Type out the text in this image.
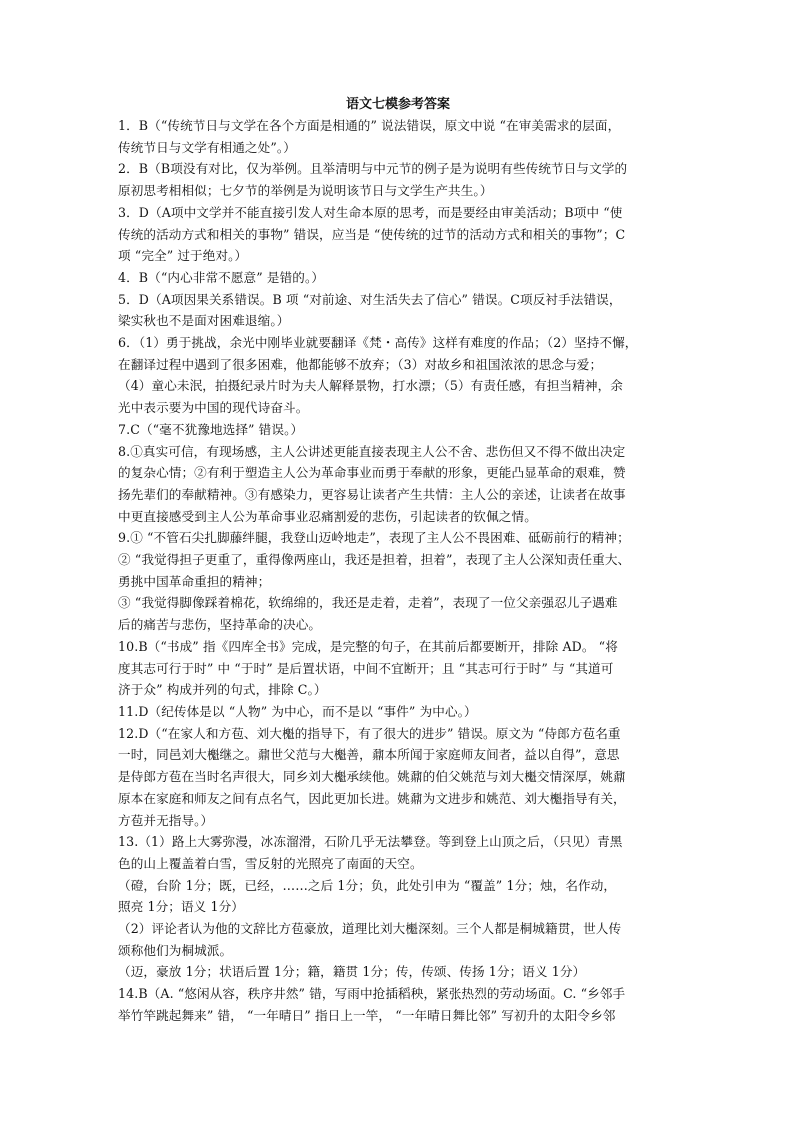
语文七模参考答案
1．B（“传统节日与文学在各个方面是相通的” 说法错误，原文中说 “在审美需求的层面，
传统节日与文学有相通之处”。）
2．B（B项没有对比，仅为举例。且举清明与中元节的例子是为说明有些传统节日与文学的
原初思考相相似；七夕节的举例是为说明该节日与文学生产共生。）
3．D（A项中文学并不能直接引发人对生命本原的思考，而是要经由审美活动；B项中 “使
传统的活动方式和相关的事物” 错误，应当是 “使传统的过节的活动方式和相关的事物”；C
项 “完全” 过于绝对。）
4．B（“内心非常不愿意” 是错的。）
5．D（A项因果关系错误。B 项 “对前途、对生活失去了信心” 错误。C项反衬手法错误，
梁实秋也不是面对困难退缩。）
6．（1）勇于挑战，余光中刚毕业就要翻译《梵・高传》这样有难度的作品；（2）坚持不懈，
在翻译过程中遇到了很多困难，他都能够不放弃；（3）对故乡和祖国浓浓的思念与爱；
（4）童心未泯，拍摄纪录片时为夫人解释景物，打水漂；（5）有责任感，有担当精神，余
光中表示要为中国的现代诗奋斗。
7.C（“毫不犹豫地选择” 错误。）
8.①真实可信，有现场感，主人公讲述更能直接表现主人公不舍、悲伤但又不得不做出决定
的复杂心情；②有利于塑造主人公为革命事业而勇于奉献的形象，更能凸显革命的艰难，赞
扬先辈们的奉献精神。③有感染力，更容易让读者产生共情：主人公的亲述，让读者在故事
中更直接感受到主人公为革命事业忍痛割爱的悲伤，引起读者的钦佩之情。
9.① “不管石尖扎脚藤绊腿，我登山迈岭地走”，表现了主人公不畏困难、砥砺前行的精神；
② “我觉得担子更重了，重得像两座山，我还是担着，担着”，表现了主人公深知责任重大、
勇挑中国革命重担的精神；
③ “我觉得脚像踩着棉花，软绵绵的，我还是走着，走着”，表现了一位父亲强忍儿子遇难
后的痛苦与悲伤，坚持革命的决心。
10.B（“书成” 指《四库全书》完成，是完整的句子，在其前后都要断开，排除 AD。 “将
度其志可行于时” 中 “于时” 是后置状语，中间不宜断开；且 “其志可行于时” 与 “其道可
济于众” 构成并列的句式，排除 C。）
11.D（纪传体是以 “人物” 为中心，而不是以 “事件” 为中心。）
12.D（“在家人和方苞、刘大櫆的指导下，有了很大的进步” 错误。原文为 “侍郎方苞名重
一时，同邑刘大櫆继之。鼐世父范与大櫆善，鼐本所闻于家庭师友间者，益以自得”，意思
是侍郎方苞在当时名声很大，同乡刘大櫆承续他。姚鼐的伯父姚范与刘大櫆交情深厚，姚鼐
原本在家庭和师友之间有点名气，因此更加长进。姚鼐为文进步和姚范、刘大櫆指导有关，
方苞并无指导。）
13.（1）路上大雾弥漫，冰冻溜滑，石阶几乎无法攀登。等到登上山顶之后，（只见）青黑
色的山上覆盖着白雪，雪反射的光照亮了南面的天空。
（磴，台阶 1分；既，已经，……之后 1分；负，此处引申为 “覆盖” 1分；烛，名作动，
照亮 1分；语义 1分）
（2）评论者认为他的文辞比方苞豪放，道理比刘大櫆深刻。三个人都是桐城籍贯，世人传
颂称他们为桐城派。
（迈，豪放 1分；状语后置 1分；籍，籍贯 1分；传，传颂、传扬 1分；语义 1分）
14.B（A. “悠闲从容，秩序井然” 错，写雨中抢插稻秧，紧张热烈的劳动场面。C. “乡邻手
举竹竿跳起舞来” 错， “一年晴日” 指日上一竿， “一年晴日舞比邻” 写初升的太阳令乡邻
